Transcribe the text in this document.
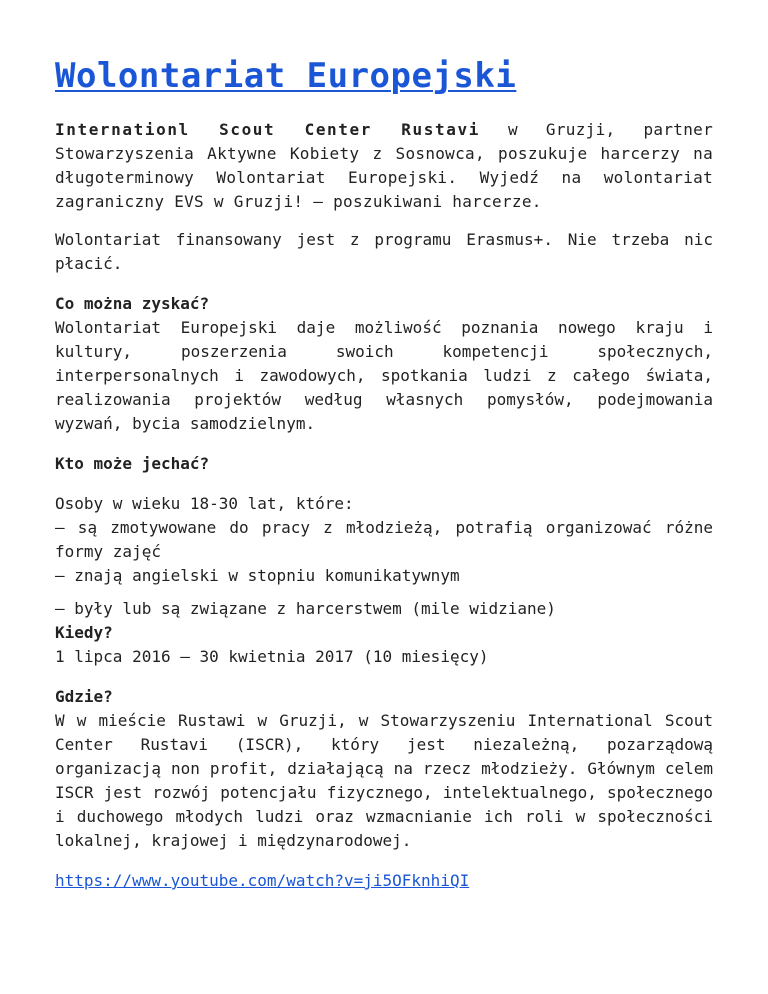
Wolontariat Europejski

Internationl Scout Center Rustavi w Gruzji, partner Stowarzyszenia Aktywne Kobiety z Sosnowca, poszukuje harcerzy na długoterminowy Wolontariat Europejski. Wyjedź na wolontariat zagraniczny EVS w Gruzji! – poszukiwani harcerze.

Wolontariat finansowany jest z programu Erasmus+. Nie trzeba nic płacić.

Co można zyskać?
Wolontariat Europejski daje możliwość poznania nowego kraju i kultury, poszerzenia swoich kompetencji społecznych, interpersonalnych i zawodowych, spotkania ludzi z całego świata, realizowania projektów według własnych pomysłów, podejmowania wyzwań, bycia samodzielnym.

Kto może jechać?

Osoby w wieku 18-30 lat, które:
– są zmotywowane do pracy z młodzieżą, potrafią organizować różne formy zajęć
– znają angielski w stopniu komunikatywnym

– były lub są związane z harcerstwem (mile widziane)
Kiedy?
1 lipca 2016 – 30 kwietnia 2017 (10 miesięcy)

Gdzie?
W w mieście Rustawi w Gruzji, w Stowarzyszeniu International Scout Center Rustavi (ISCR), który jest niezależną, pozarządową organizacją non profit, działającą na rzecz młodzieży. Głównym celem ISCR jest rozwój potencjału fizycznego, intelektualnego, społecznego i duchowego młodych ludzi oraz wzmacnianie ich roli w społeczności lokalnej, krajowej i międzynarodowej.

https://www.youtube.com/watch?v=ji5OFknhiQI
